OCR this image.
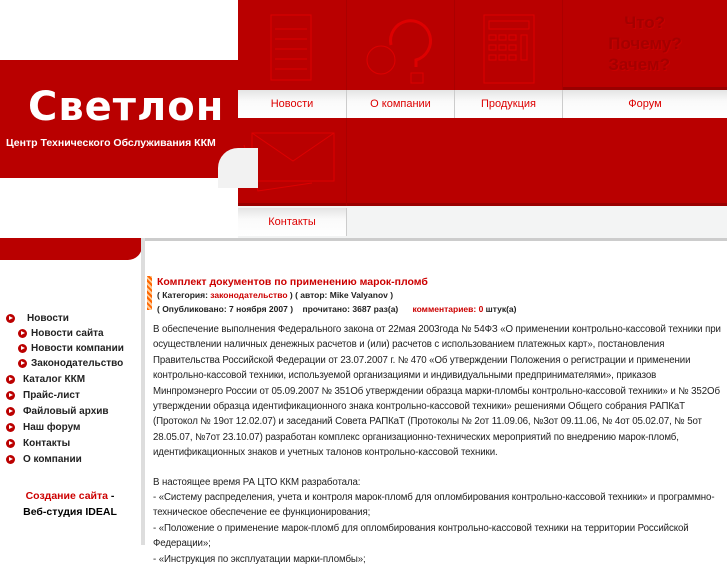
Светлон
Центр Технического Обслуживания ККМ
Что?
Почему?
Зачем?
Новости	О компании	Продукция	Форум
Контакты
Новости
Новости сайта
Новости компании
Законодательство
Каталог ККМ
Прайс-лист
Файловый архив
Наш форум
Контакты
О компании
Создание сайта -
Веб-студия IDEAL
Комплект документов по применению марок-пломб
( Категория: законодательство ) ( автор: Mike Valyanov )
( Опубликовано: 7 ноября 2007 )    прочитано: 3687 раз(а) комментариев: 0 штук(а)
В обеспечение выполнения Федерального закона от 22мая 2003года № 54ФЗ «О применении контрольно-кассовой техники при осуществлении наличных денежных расчетов и (или) расчетов с использованием платежных карт», постановления Правительства Российской Федерации от 23.07.2007 г. № 470 «Об утверждении Положения о регистрации и применении контрольно-кассовой техники, используемой организациями и индивидуальными предпринимателями», приказов Минпромэнерго России от 05.09.2007 № 351Об утверждении образца марки-пломбы контрольно-кассовой техники» и № 352Об утверждении образца идентификационного знака контрольно-кассовой техники» решениями Общего собрания РАПКаТ (Протокол № 19от 12.02.07) и заседаний Совета РАПКаТ (Протоколы № 2от 11.09.06, №3от 09.11.06, № 4от 05.02.07, № 5от 28.05.07, №7от 23.10.07) разработан комплекс организационно-технических мероприятий по внедрению марок-пломб, идентификационных знаков и учетных талонов контрольно-кассовой техники.
В настоящее время РА ЦТО ККМ разработала:
- «Систему распределения, учета и контроля марок-пломб для опломбирования контрольно-кассовой техники» и программно-техническое обеспечение ее функционирования;
- «Положение о применение марок-пломб для опломбирования контрольно-кассовой техники на территории Российской Федерации»;
- «Инструкция по эксплуатации марки-пломбы»;
